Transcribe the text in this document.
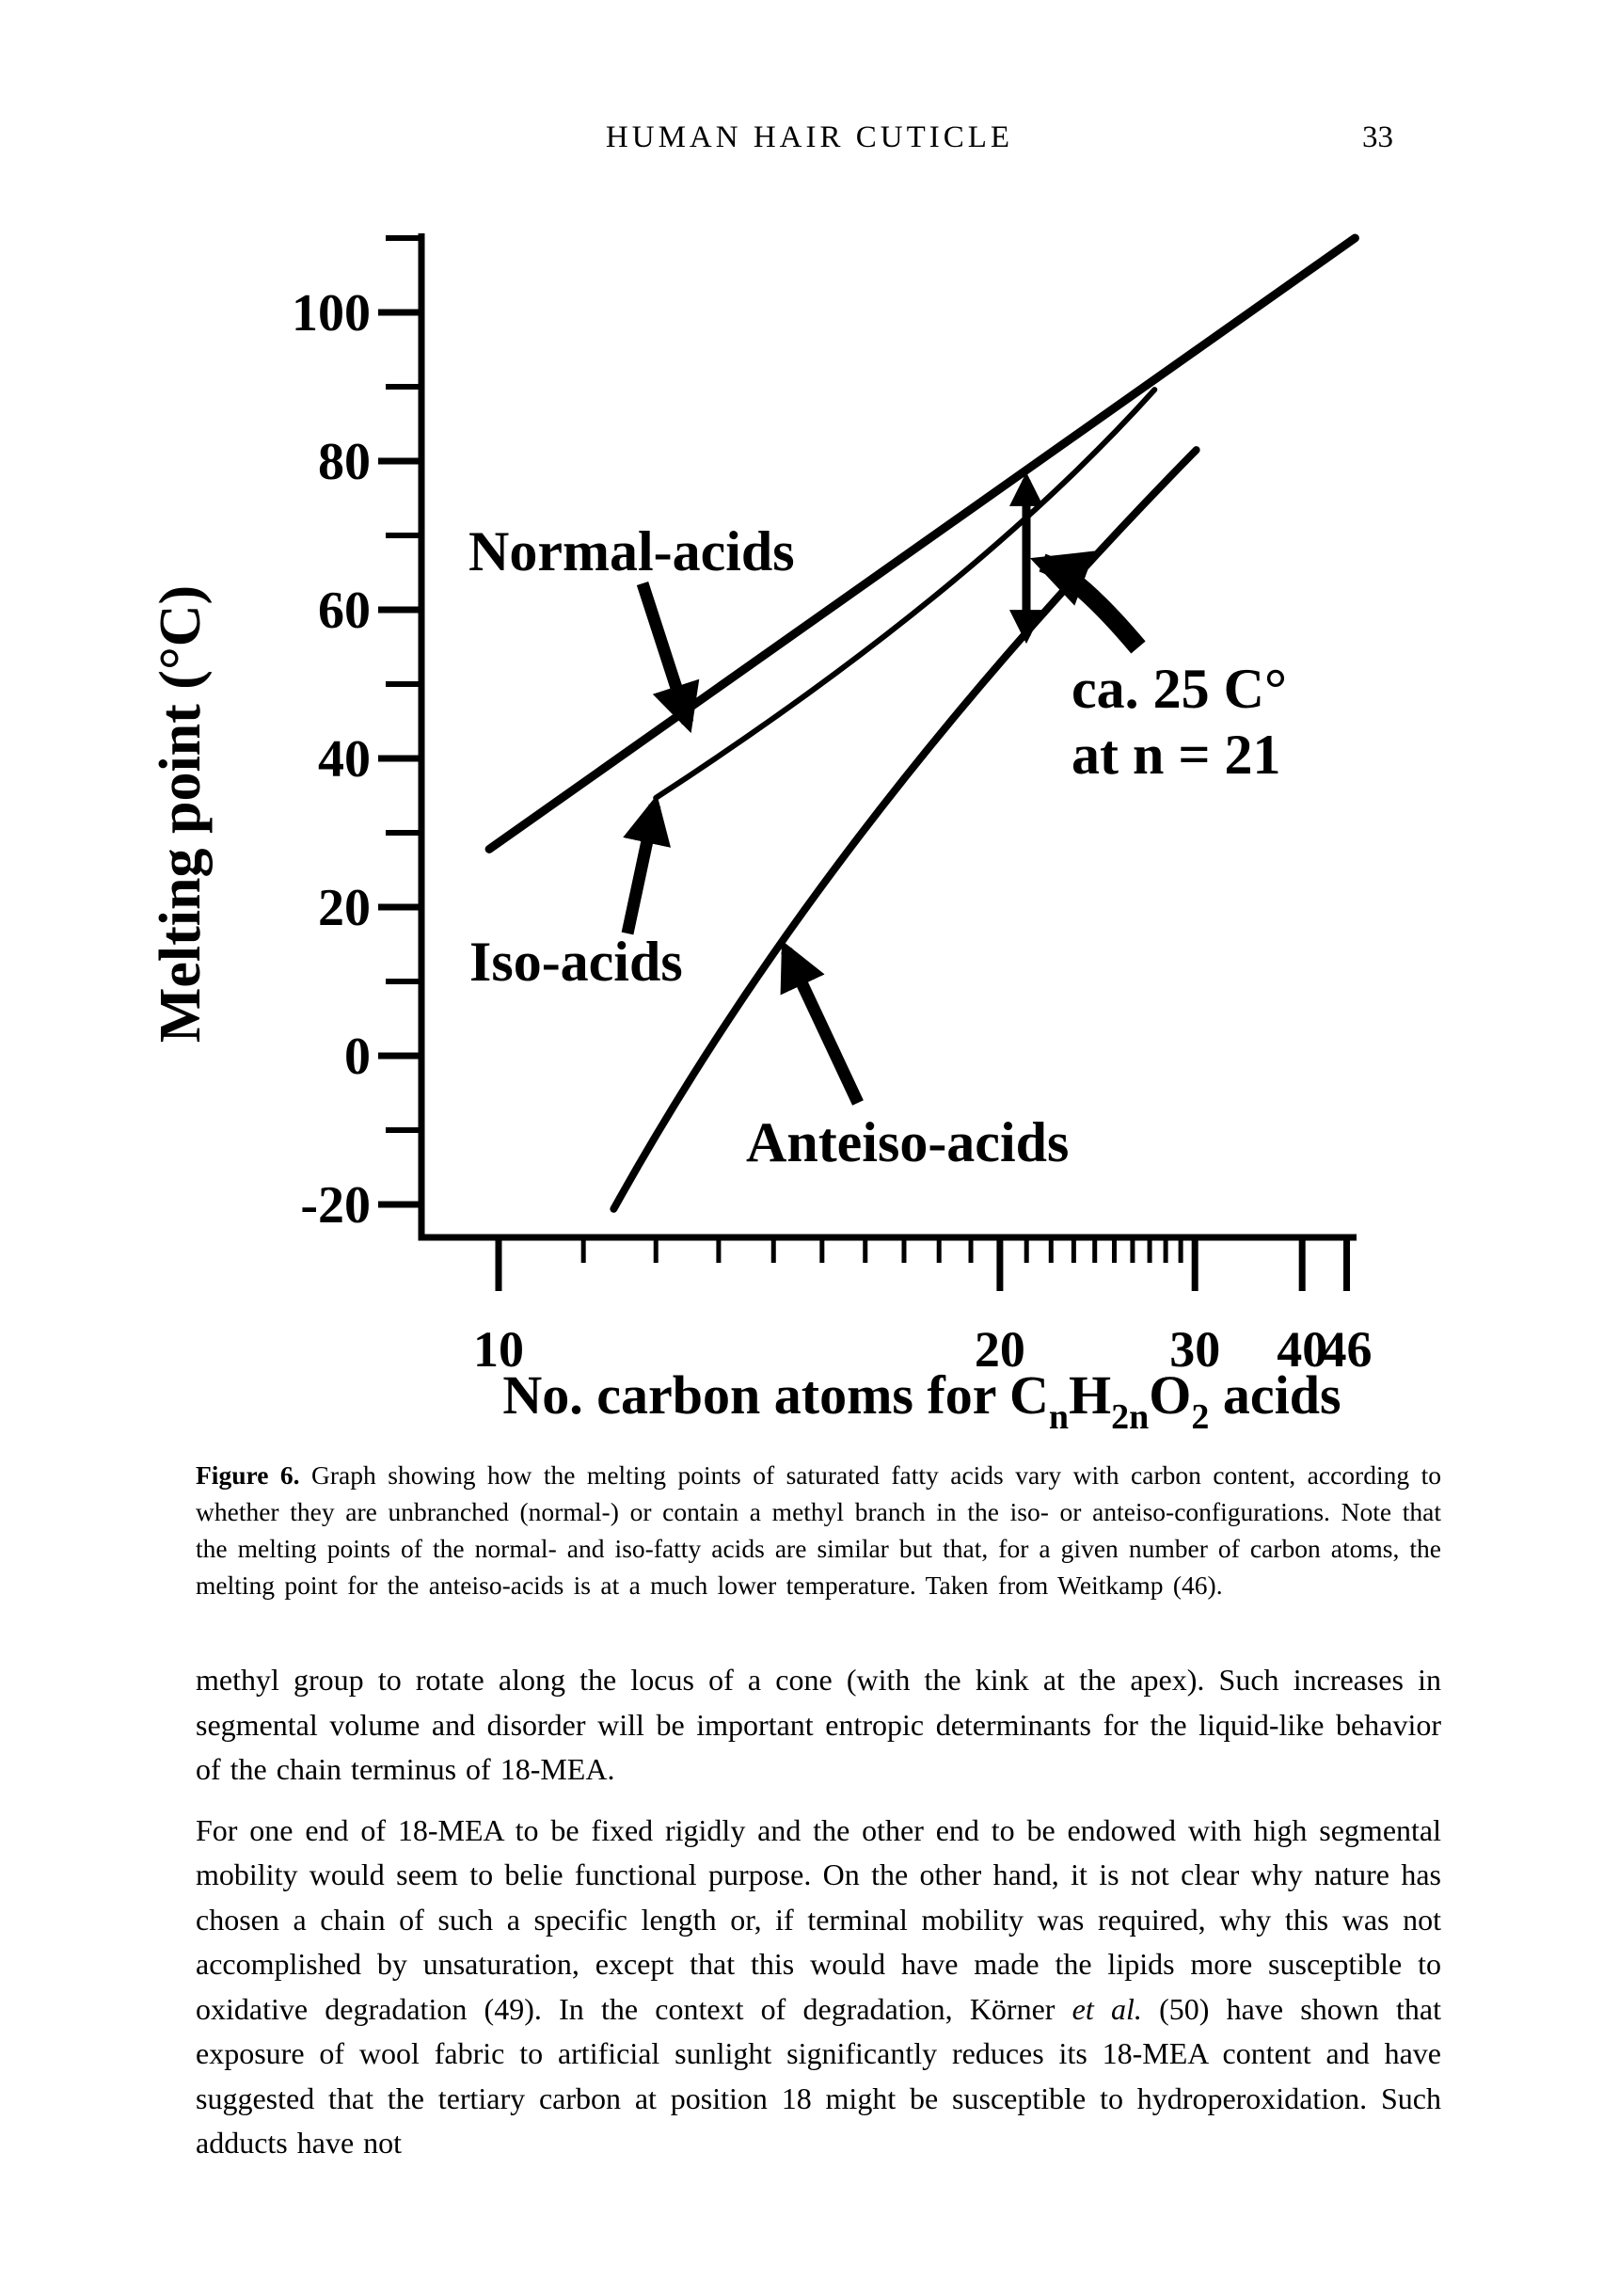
HUMAN HAIR CUTICLE	33
100
80
60
40
20
0
-20
10	20	30 40
46
No. carbon atoms for $C_nH_{2n}O_2$ acids
Melting point (°C)
Normal-acids
Iso-acids
Anteiso-acids
ca. 25 C°
at n = 21
Figure 6. Graph showing how the melting points of saturated fatty acids vary with carbon content, according to whether they are unbranched (normal-) or contain a methyl branch in the iso- or anteiso-configurations. Note that the melting points of the normal- and iso-fatty acids are similar but that, for a given number of carbon atoms, the melting point for the anteiso-acids is at a much lower temperature. Taken from Weitkamp (46).

methyl group to rotate along the locus of a cone (with the kink at the apex). Such increases in segmental volume and disorder will be important entropic determinants for the liquid-like behavior of the chain terminus of 18-MEA.

For one end of 18-MEA to be fixed rigidly and the other end to be endowed with high segmental mobility would seem to belie functional purpose. On the other hand, it is not clear why nature has chosen a chain of such a specific length or, if terminal mobility was required, why this was not accomplished by unsaturation, except that this would have made the lipids more susceptible to oxidative degradation (49). In the context of degradation, Körner et al. (50) have shown that exposure of wool fabric to artificial sunlight significantly reduces its 18-MEA content and have suggested that the tertiary carbon at position 18 might be susceptible to hydroperoxidation. Such adducts have not
